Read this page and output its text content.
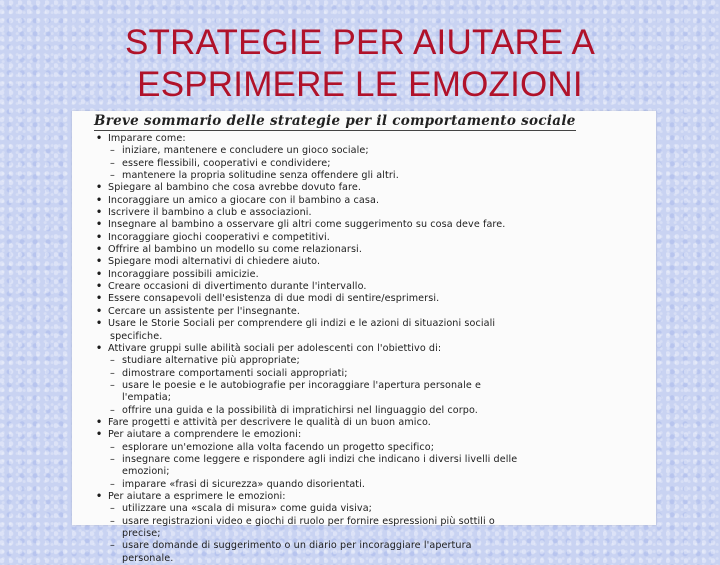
STRATEGIE PER AIUTARE A
ESPRIMERE LE EMOZIONI
Breve sommario delle strategie per il comportamento sociale
• Imparare come:
– iniziare, mantenere e concludere un gioco sociale;
– essere flessibili, cooperativi e condividere;
– mantenere la propria solitudine senza offendere gli altri.
• Spiegare al bambino che cosa avrebbe dovuto fare.
• Incoraggiare un amico a giocare con il bambino a casa.
• Iscrivere il bambino a club e associazioni.
• Insegnare al bambino a osservare gli altri come suggerimento su cosa deve fare.
• Incoraggiare giochi cooperativi e competitivi.
• Offrire al bambino un modello su come relazionarsi.
• Spiegare modi alternativi di chiedere aiuto.
• Incoraggiare possibili amicizie.
• Creare occasioni di divertimento durante l'intervallo.
• Essere consapevoli dell'esistenza di due modi di sentire/esprimersi.
• Cercare un assistente per l'insegnante.
• Usare le Storie Sociali per comprendere gli indizi e le azioni di situazioni sociali
specifiche.
• Attivare gruppi sulle abilità sociali per adolescenti con l'obiettivo di:
– studiare alternative più appropriate;
– dimostrare comportamenti sociali appropriati;
– usare le poesie e le autobiografie per incoraggiare l'apertura personale e
l'empatia;
– offrire una guida e la possibilità di impratichirsi nel linguaggio del corpo.
• Fare progetti e attività per descrivere le qualità di un buon amico.
• Per aiutare a comprendere le emozioni:
– esplorare un'emozione alla volta facendo un progetto specifico;
– insegnare come leggere e rispondere agli indizi che indicano i diversi livelli delle
emozioni;
– imparare «frasi di sicurezza» quando disorientati.
• Per aiutare a esprimere le emozioni:
– utilizzare una «scala di misura» come guida visiva;
– usare registrazioni video e giochi di ruolo per fornire espressioni più sottili o
precise;
– usare domande di suggerimento o un diario per incoraggiare l'apertura
personale.
